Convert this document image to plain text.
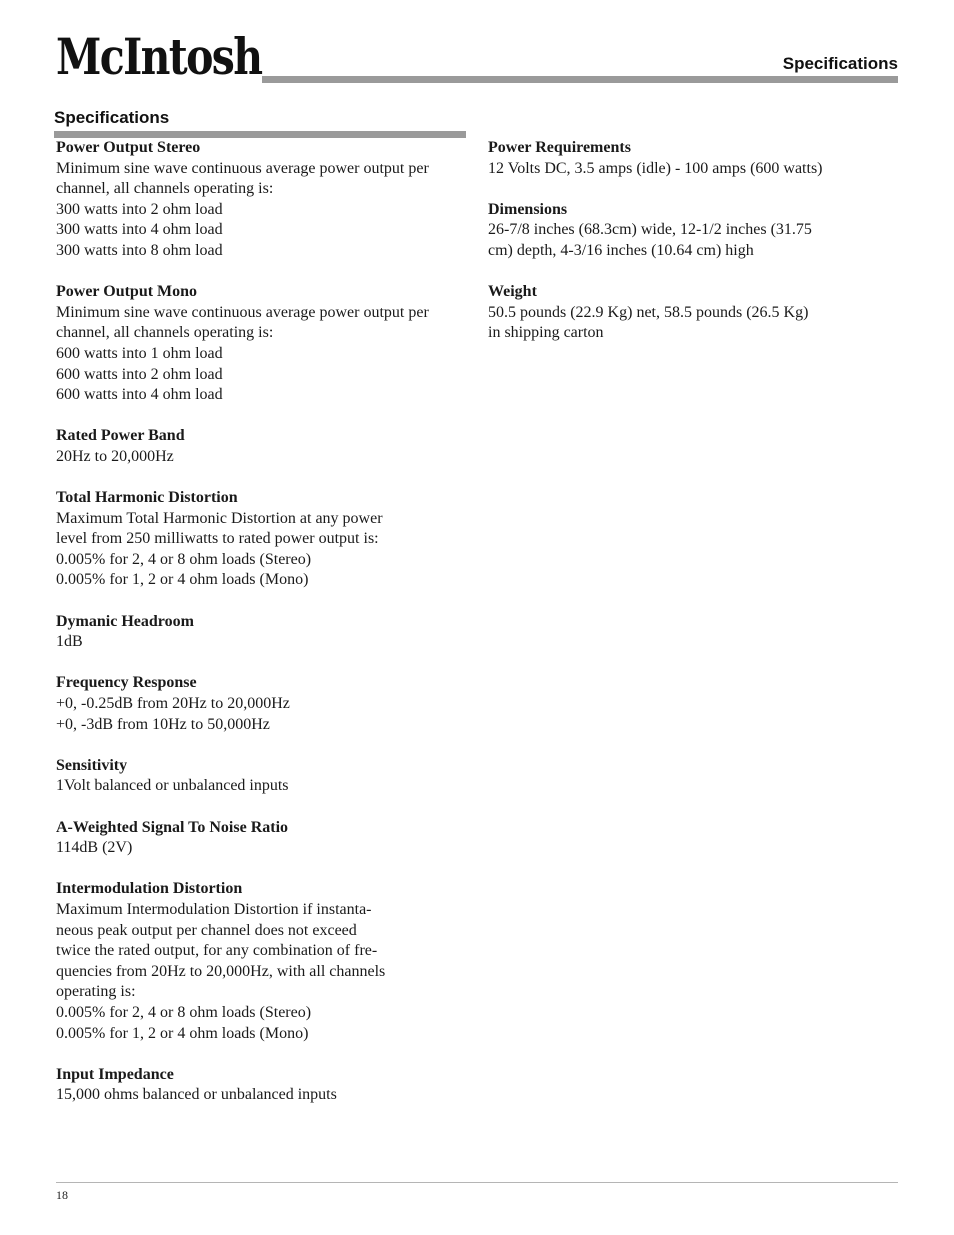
McIntosh	Specifications
Specifications
Power Output Stereo
Minimum sine wave continuous average power output per
channel, all channels operating is:
300 watts into 2 ohm load
300 watts into 4 ohm load
300 watts into 8 ohm load
Power Output Mono
Minimum sine wave continuous average power output per
channel, all channels operating is:
600 watts into 1 ohm load
600 watts into 2 ohm load
600 watts into 4 ohm load
Rated Power Band
20Hz to 20,000Hz
Total Harmonic Distortion
Maximum Total Harmonic Distortion at any power
level from 250 milliwatts to rated power output is:
0.005% for 2, 4 or 8 ohm loads (Stereo)
0.005% for 1, 2 or 4 ohm loads (Mono)
Dymanic Headroom
1dB
Frequency Response
+0, -0.25dB from 20Hz to 20,000Hz
+0, -3dB from 10Hz to 50,000Hz
Sensitivity
1Volt balanced or unbalanced inputs
A-Weighted Signal To Noise Ratio
114dB (2V)
Intermodulation Distortion
Maximum Intermodulation Distortion if instanta-
neous peak output per channel does not exceed
twice the rated output, for any combination of fre-
quencies from 20Hz to 20,000Hz, with all channels
operating is:
0.005% for 2, 4 or 8 ohm loads (Stereo)
0.005% for 1, 2 or 4 ohm loads (Mono)
Input Impedance
15,000 ohms balanced or unbalanced inputs
Power Requirements
12 Volts DC, 3.5 amps (idle) - 100 amps (600 watts)
Dimensions
26-7/8 inches (68.3cm) wide, 12-1/2 inches (31.75
cm) depth, 4-3/16 inches (10.64 cm) high
Weight
50.5 pounds (22.9 Kg) net, 58.5 pounds (26.5 Kg)
in shipping carton
18
